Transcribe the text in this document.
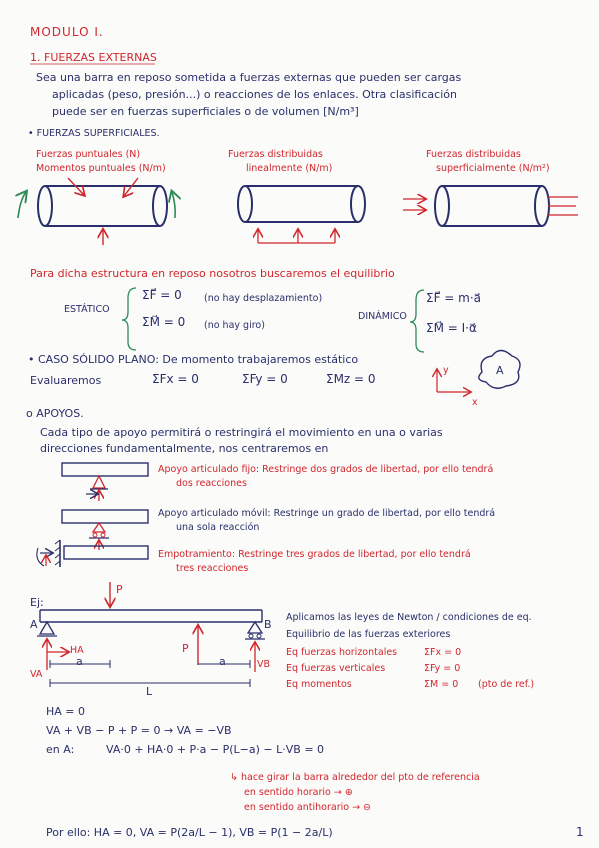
MODULO I.
1. FUERZAS EXTERNAS
Sea una barra en reposo sometida a fuerzas externas que pueden ser cargas
aplicadas (peso, presión...) o reacciones de los enlaces. Otra clasificación
puede ser en fuerzas superficiales o de volumen [N/m³]
• FUERZAS SUPERFICIALES.
Fuerzas puntuales (N)
Momentos puntuales (N/m)
Fuerzas distribuidas
linealmente (N/m)
Fuerzas distribuidas
superficialmente (N/m²)
Para dicha estructura en reposo nosotros buscaremos el equilibrio
ESTÁTICO
ΣF⃗ = 0 (no hay desplazamiento)
ΣM⃗ = 0 (no hay giro)
DINÁMICO
ΣF⃗ = m·a⃗
ΣM⃗ = I·α⃗
• CASO SÓLIDO PLANO: De momento trabajaremos estático
Evaluaremos	ΣFx = 0	ΣFy = 0	ΣMz = 0
y
x
A
o APOYOS.
Cada tipo de apoyo permitirá o restringirá el movimiento en una o varias
direcciones fundamentalmente, nos centraremos en
Apoyo articulado fijo: Restringe dos grados de libertad, por ello tendrá
dos reacciones
Apoyo articulado móvil: Restringe un grado de libertad, por ello tendrá
una sola reacción
Empotramiento: Restringe tres grados de libertad, por ello tendrá
tres reacciones
Ej:
A	B
P
P
HA
VA
VB
a	a
L
Aplicamos las leyes de Newton / condiciones de eq.
Equilibrio de las fuerzas exteriores
Eq fuerzas horizontales	ΣFx = 0
Eq fuerzas verticales	ΣFy = 0
Eq momentos	ΣM = 0 (pto de ref.)
HA = 0
VA + VB − P + P = 0 → VA = −VB
en A:	VA·0 + HA·0 + P·a − P(L−a) − L·VB = 0
↳ hace girar la barra alrededor del pto de referencia
en sentido horario → ⊕
en sentido antihorario → ⊖
Por ello: HA = 0, VA = P(2a/L − 1), VB = P(1 − 2a/L)	1
